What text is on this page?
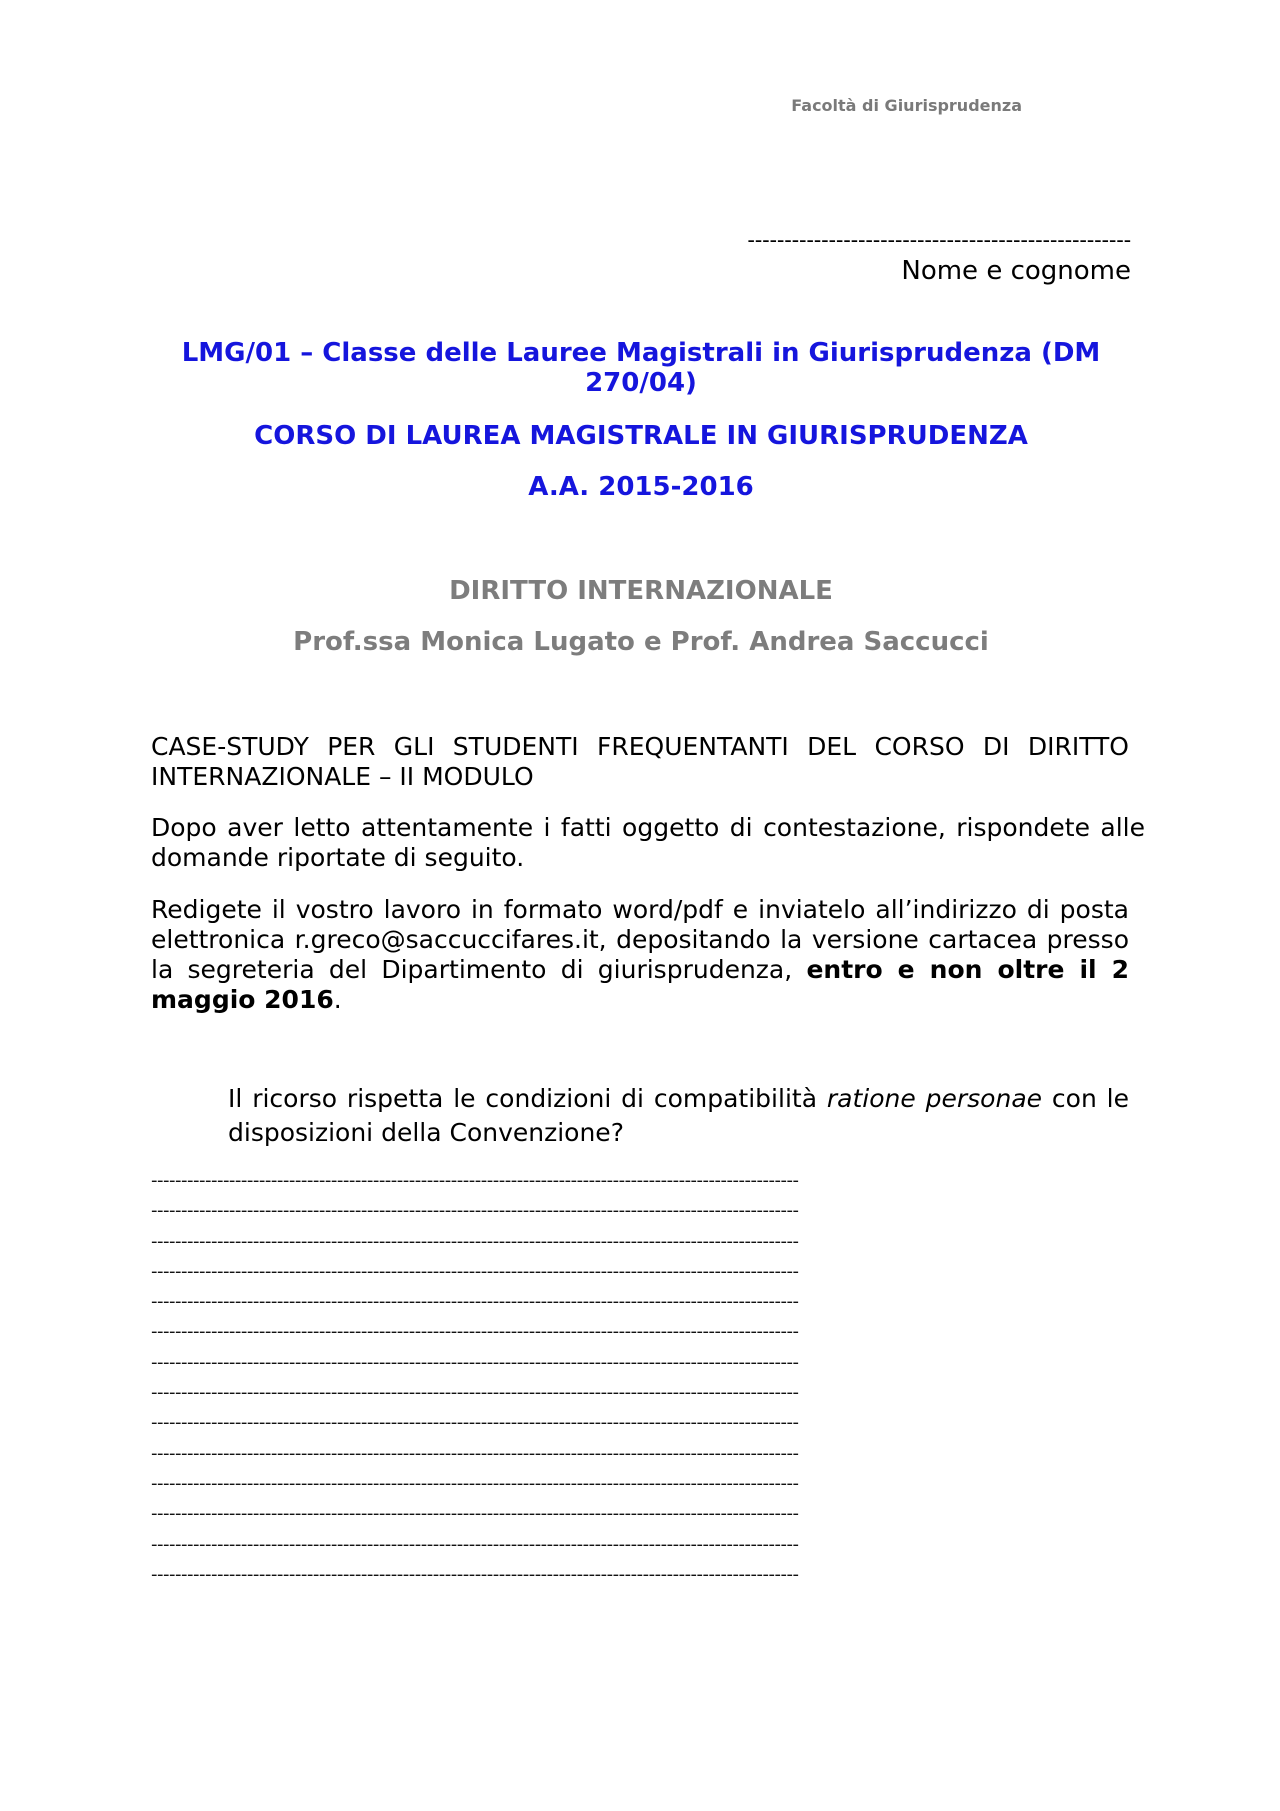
Facoltà di Giurisprudenza
----------------------------------------------------
Nome e cognome
LMG/01 – Classe delle Lauree Magistrali in Giurisprudenza (DM 270/04)
CORSO DI LAUREA MAGISTRALE IN GIURISPRUDENZA
A.A. 2015-2016
DIRITTO INTERNAZIONALE
Prof.ssa Monica Lugato e Prof. Andrea Saccucci
CASE-STUDY PER GLI STUDENTI FREQUENTANTI DEL CORSO DI DIRITTO INTERNAZIONALE – II MODULO
Dopo aver letto attentamente i fatti oggetto di contestazione, rispondete alle domande riportate di seguito.
Redigete il vostro lavoro in formato word/pdf e inviatelo all’indirizzo di posta elettronica r.greco@saccuccifares.it, depositando la versione cartacea presso la segreteria del Dipartimento di giurisprudenza, entro e non oltre il 2 maggio 2016.
Il ricorso rispetta le condizioni di compatibilità ratione personae con le disposizioni della Convenzione?
------------------------------------------------------------------------------------------------------------
------------------------------------------------------------------------------------------------------------
------------------------------------------------------------------------------------------------------------
------------------------------------------------------------------------------------------------------------
------------------------------------------------------------------------------------------------------------
------------------------------------------------------------------------------------------------------------
------------------------------------------------------------------------------------------------------------
------------------------------------------------------------------------------------------------------------
------------------------------------------------------------------------------------------------------------
------------------------------------------------------------------------------------------------------------
------------------------------------------------------------------------------------------------------------
------------------------------------------------------------------------------------------------------------
------------------------------------------------------------------------------------------------------------
------------------------------------------------------------------------------------------------------------
